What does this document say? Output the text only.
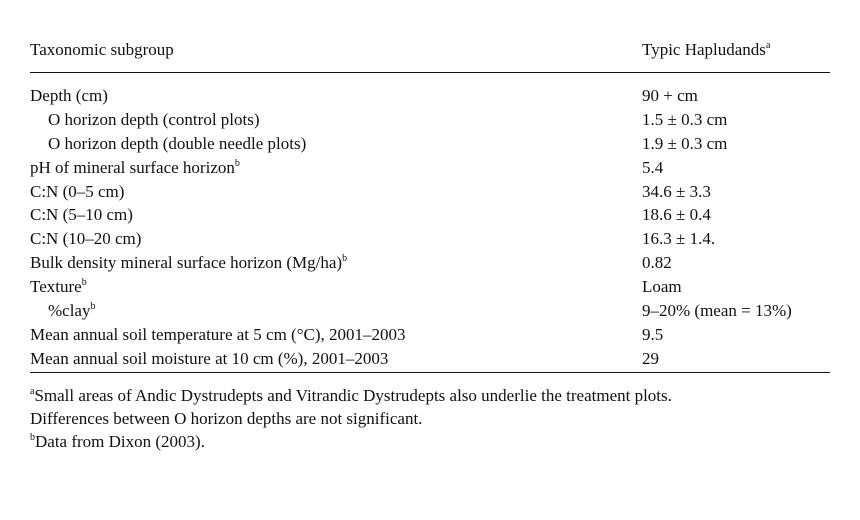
Taxonomic subgroup	Typic Hapludands$^a$
Depth (cm)	90 + cm
O horizon depth (control plots)	1.5 ± 0.3 cm
O horizon depth (double needle plots)	1.9 ± 0.3 cm
pH of mineral surface horizon$^b$	5.4
C:N (0–5 cm)	34.6 ± 3.3
C:N (5–10 cm)	18.6 ± 0.4
C:N (10–20 cm)	16.3 ± 1.4.
Bulk density mineral surface horizon $(Mg/ha)^b$	0.82
Texture$^b$	Loam
%clay$^b$	9–20% (mean = 13%)
Mean annual soil temperature at 5 cm (°C), 2001–2003	9.5
Mean annual soil moisture at 10 cm (%), 2001–2003	29
$^a$Small areas of Andic Dystrudepts and Vitrandic Dystrudepts also underlie the treatment plots.
Differences between O horizon depths are not significant.
$^b$Data from Dixon (2003).
